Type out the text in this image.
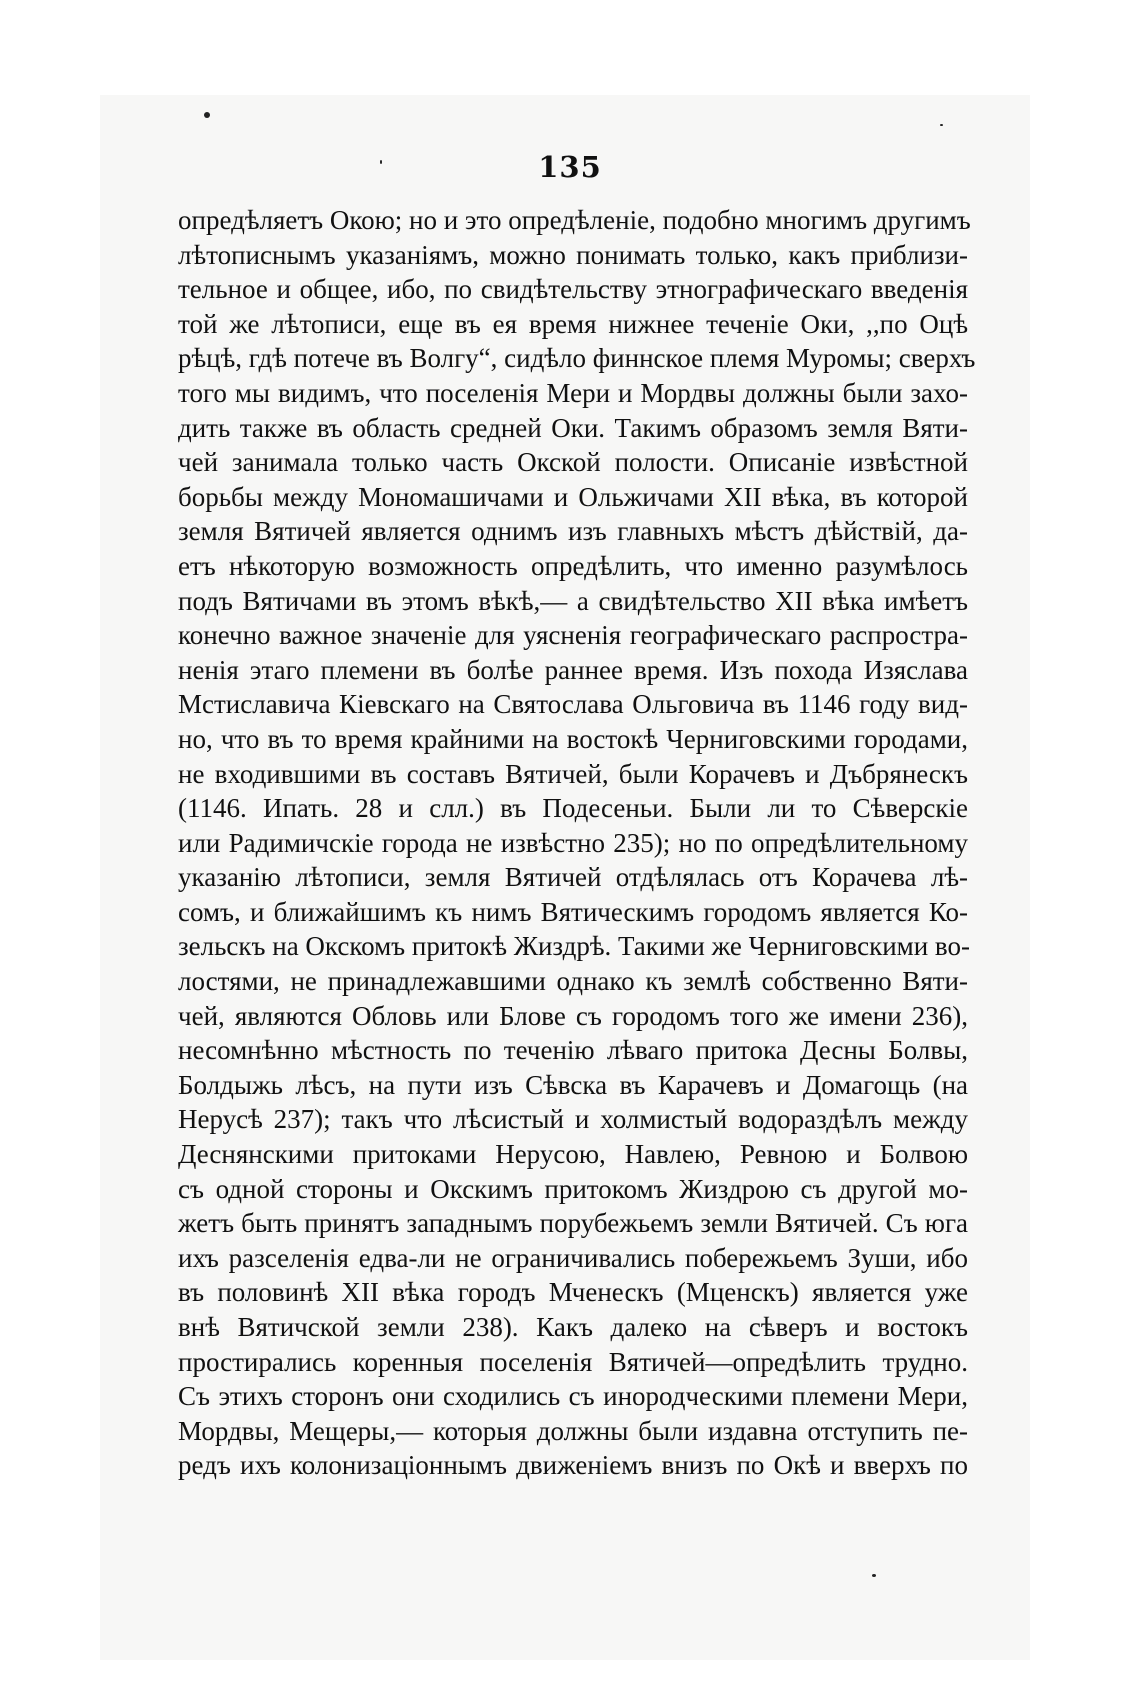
135
опредѣляетъ Окою; но и это опредѣленіе, подобно многимъ другимъ
лѣтописнымъ указаніямъ, можно понимать только, какъ приблизи-
тельное и общее, ибо, по свидѣтельству этнографическаго введенія
той же лѣтописи, еще въ ея время нижнее теченіе Оки, ,,по Оцѣ
рѣцѣ, гдѣ потече въ Волгу“, сидѣло финнское племя Муромы; сверхъ
того мы видимъ, что поселенія Мери и Мордвы должны были захо-
дить также въ область средней Оки. Такимъ образомъ земля Вяти-
чей занимала только часть Окской полости. Описаніе извѣстной
борьбы между Мономашичами и Ольжичами XII вѣка, въ которой
земля Вятичей является однимъ изъ главныхъ мѣстъ дѣйствій, да-
етъ нѣкоторую возможность опредѣлить, что именно разумѣлось
подъ Вятичами въ этомъ вѣкѣ,— а свидѣтельство XII вѣка имѣетъ
конечно важное значеніе для уясненія географическаго распростра-
ненія этаго племени въ болѣе раннее время. Изъ похода Изяслава
Мстиславича Кіевскаго на Святослава Ольговича въ 1146 году вид-
но, что въ то время крайними на востокѣ Черниговскими городами,
не входившими въ составъ Вятичей, были Корачевъ и Дъбрянескъ
(1146. Ипать. 28 и слл.) въ Подесеньи. Были ли то Сѣверскіе
или Радимичскіе города не извѣстно 235); но по опредѣлительному
указанію лѣтописи, земля Вятичей отдѣлялась отъ Корачева лѣ-
сомъ, и ближайшимъ къ нимъ Вятическимъ городомъ является Ко-
зельскъ на Окскомъ притокѣ Жиздрѣ. Такими же Черниговскими во-
лостями, не принадлежавшими однако къ землѣ собственно Вяти-
чей, являются Обловь или Блове съ городомъ того же имени 236),
несомнѣнно мѣстность по теченію лѣваго притока Десны Болвы,
Болдыжь лѣсъ, на пути изъ Сѣвска въ Карачевъ и Домагощь (на
Нерусѣ 237); такъ что лѣсистый и холмистый водораздѣлъ между
Деснянскими притоками Нерусою, Навлею, Ревною и Болвою
съ одной стороны и Окскимъ притокомъ Жиздрою съ другой мо-
жетъ быть принятъ западнымъ порубежьемъ земли Вятичей. Съ юга
ихъ разселенія едва-ли не ограничивались побережьемъ Зуши, ибо
въ половинѣ XII вѣка городъ Мченескъ (Мценскъ) является уже
внѣ Вятичской земли 238). Какъ далеко на сѣверъ и востокъ
простирались коренныя поселенія Вятичей—опредѣлить трудно.
Съ этихъ сторонъ они сходились съ инородческими племени Мери,
Мордвы, Мещеры,— которыя должны были издавна отступить пе-
редъ ихъ колонизаціоннымъ движеніемъ внизъ по Окѣ и вверхъ по
